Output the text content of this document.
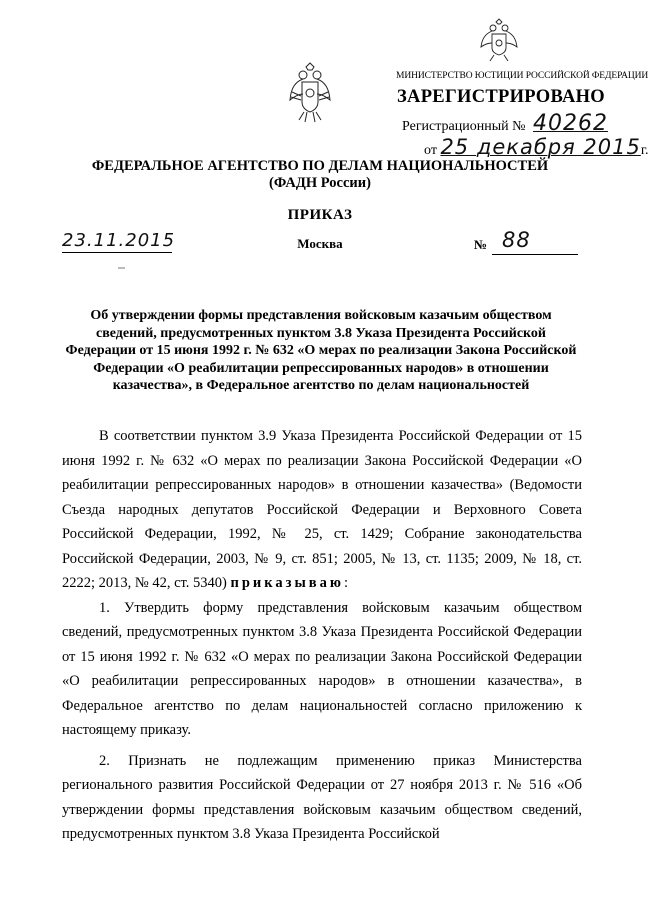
МИНИСТЕРСТВО ЮСТИЦИИ РОССИЙСКОЙ ФЕДЕРАЦИИ
ЗАРЕГИСТРИРОВАНО
Регистрационный № 40262
от 25 декабря 2015г.
ФЕДЕРАЛЬНОЕ АГЕНТСТВО ПО ДЕЛАМ НАЦИОНАЛЬНОСТЕЙ
(ФАДН России)
ПРИКАЗ
23.11.2015	Москва	№ 88
Об утверждении формы представления войсковым казачьим обществом сведений, предусмотренных пунктом 3.8 Указа Президента Российской Федерации от 15 июня 1992 г. № 632 «О мерах по реализации Закона Российской Федерации «О реабилитации репрессированных народов» в отношении казачества», в Федеральное агентство по делам национальностей

В соответствии пунктом 3.9 Указа Президента Российской Федерации от 15 июня 1992 г. № 632 «О мерах по реализации Закона Российской Федерации «О реабилитации репрессированных народов» в отношении казачества» (Ведомости Съезда народных депутатов Российской Федерации и Верховного Совета Российской Федерации, 1992, № 25, ст. 1429; Собрание законодательства Российской Федерации, 2003, № 9, ст. 851; 2005, № 13, ст. 1135; 2009, № 18, ст. 2222; 2013, № 42, ст. 5340) приказываю:

1. Утвердить форму представления войсковым казачьим обществом сведений, предусмотренных пунктом 3.8 Указа Президента Российской Федерации от 15 июня 1992 г. № 632 «О мерах по реализации Закона Российской Федерации «О реабилитации репрессированных народов» в отношении казачества», в Федеральное агентство по делам национальностей согласно приложению к настоящему приказу.

2. Признать не подлежащим применению приказ Министерства регионального развития Российской Федерации от 27 ноября 2013 г. № 516 «Об утверждении формы представления войсковым казачьим обществом сведений, предусмотренных пунктом 3.8 Указа Президента Российской
